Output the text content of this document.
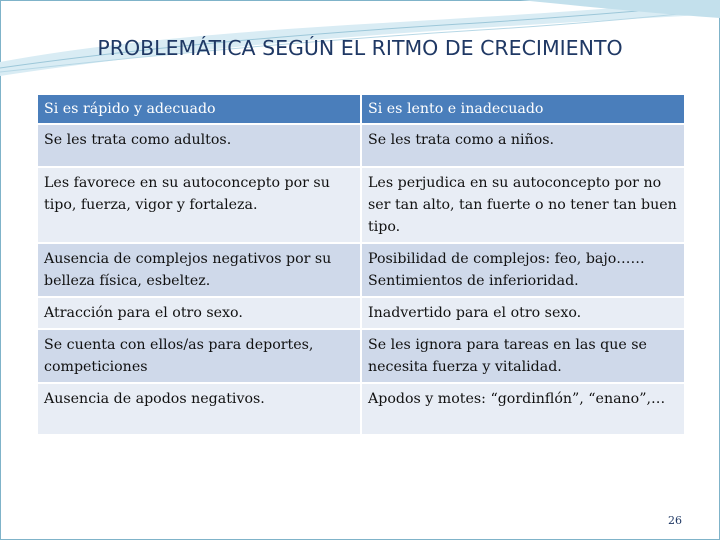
PROBLEMÁTICA SEGÚN EL RITMO DE CRECIMIENTO
Si es rápido y adecuado	Si es lento e inadecuado
Se les trata como adultos.	Se les trata como a niños.
Les favorece en su autoconcepto por su tipo, fuerza, vigor y fortaleza.	Les perjudica en su autoconcepto por no ser tan alto, tan fuerte o no tener tan buen tipo.
Ausencia de complejos negativos por su belleza física, esbeltez.	Posibilidad de complejos: feo, bajo…… Sentimientos de inferioridad.
Atracción para el otro sexo.	Inadvertido para el otro sexo.
Se cuenta con ellos/as para deportes, competiciones	Se les ignora para tareas en las que se necesita fuerza y vitalidad.
Ausencia de apodos negativos.	Apodos y motes: “gordinflón”, “enano”,…
26
